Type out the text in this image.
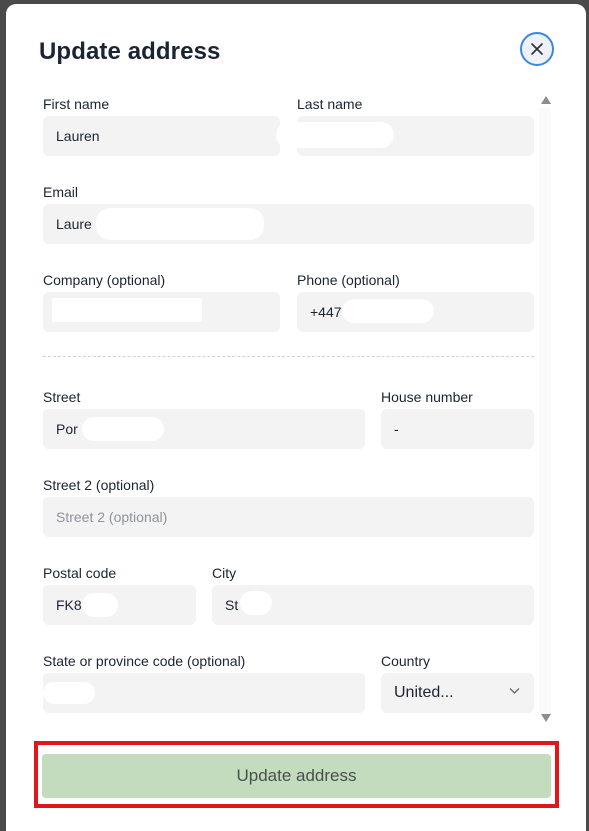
Update address
First name
Lauren
Last name
Email
Laure
Company (optional)	Phone (optional)
+447
Street
Por
House number
-
Street 2 (optional)
Street 2 (optional)
Postal code
FK8
City
St
State or province code (optional)	Country
United...
Update address
